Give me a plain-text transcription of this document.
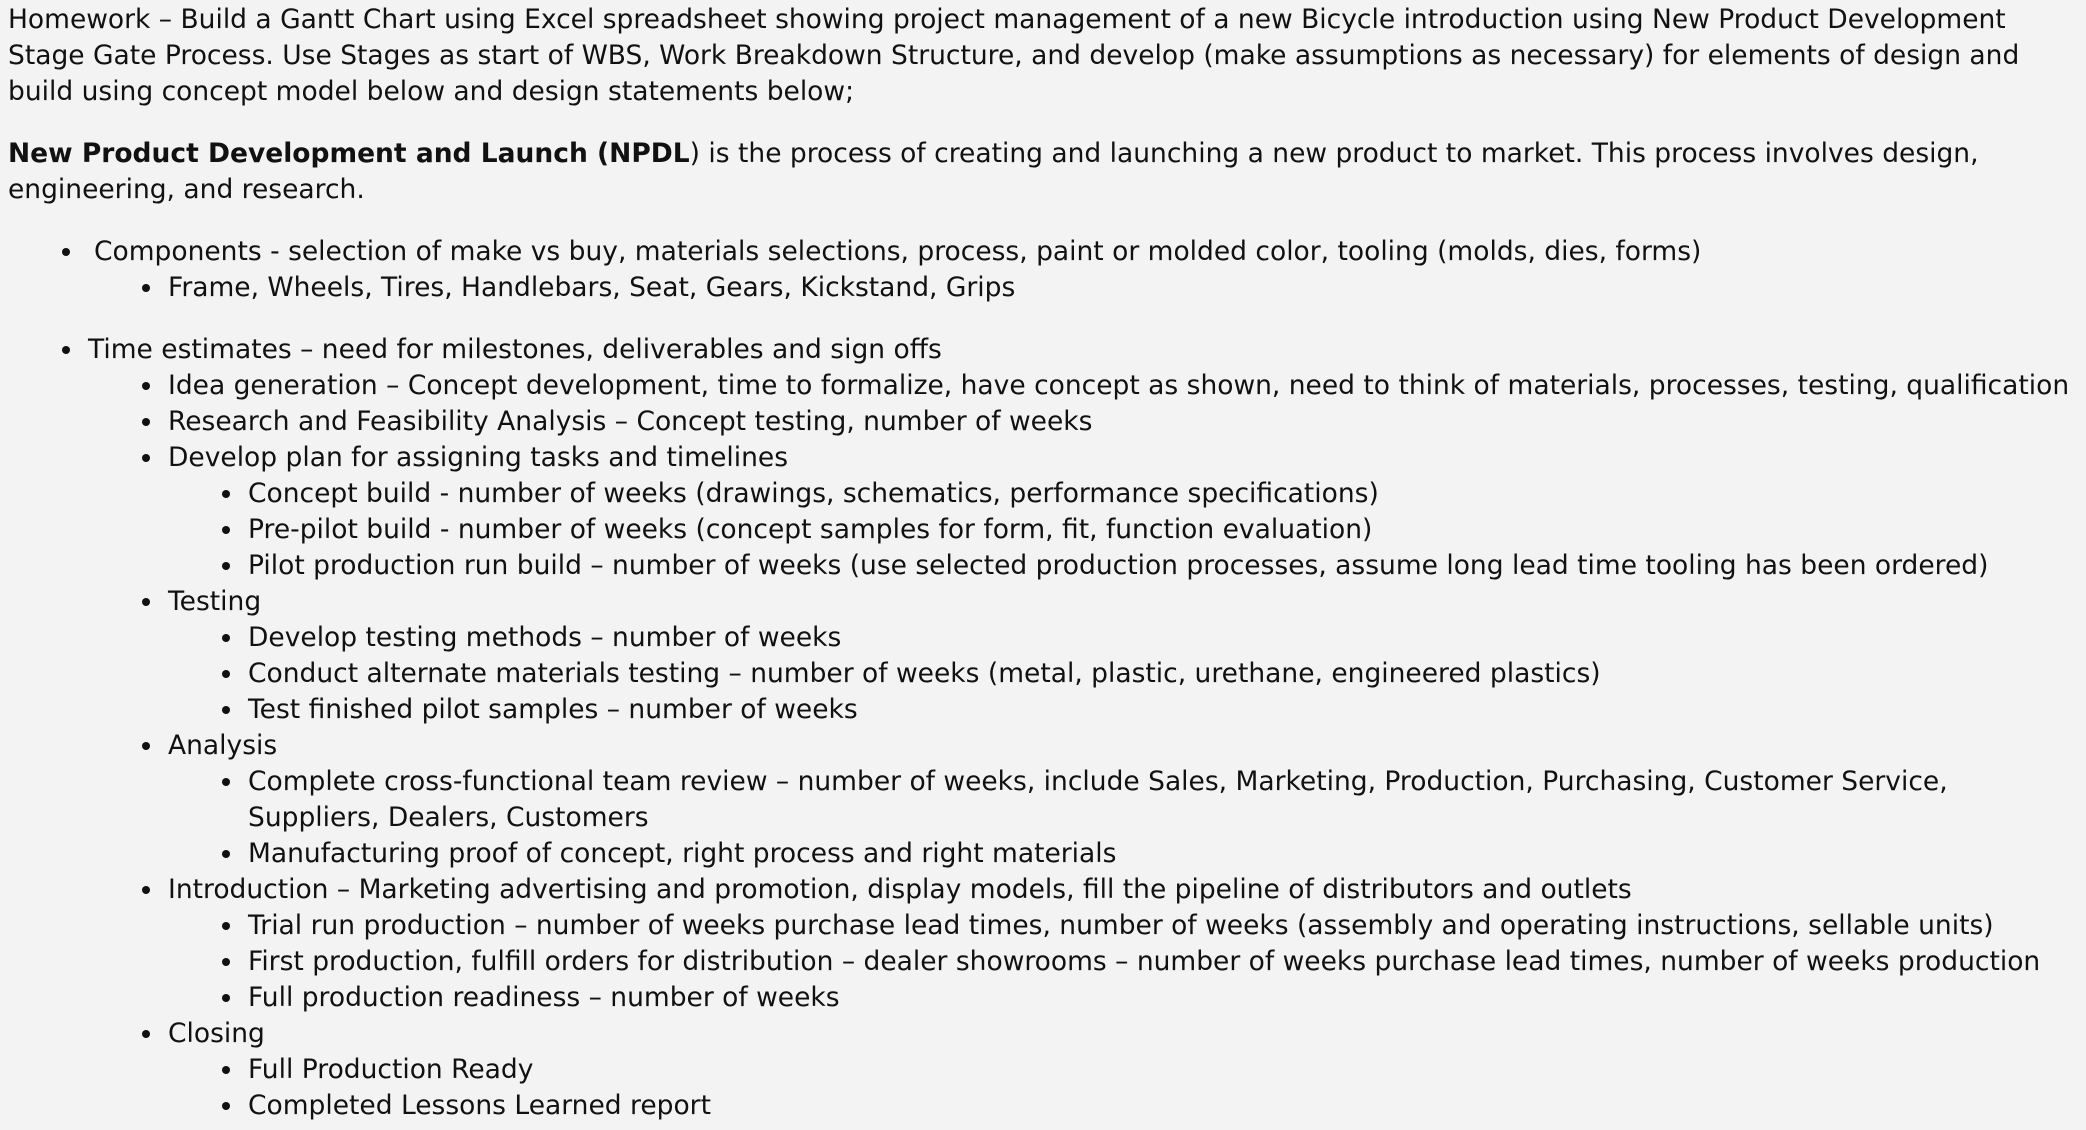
Homework – Build a Gantt Chart using Excel spreadsheet showing project management of a new Bicycle introduction using New Product Development Stage Gate Process. Use Stages as start of WBS, Work Breakdown Structure, and develop (make assumptions as necessary) for elements of design and build using concept model below and design statements below;

New Product Development and Launch (NPDL) is the process of creating and launching a new product to market. This process involves design, engineering, and research.

Components - selection of make vs buy, materials selections, process, paint or molded color, tooling (molds, dies, forms)
Frame, Wheels, Tires, Handlebars, Seat, Gears, Kickstand, Grips
Time estimates – need for milestones, deliverables and sign offs
Idea generation – Concept development, time to formalize, have concept as shown, need to think of materials, processes, testing, qualification
Research and Feasibility Analysis – Concept testing, number of weeks
Develop plan for assigning tasks and timelines
Concept build - number of weeks (drawings, schematics, performance specifications)
Pre-pilot build - number of weeks (concept samples for form, fit, function evaluation)
Pilot production run build – number of weeks (use selected production processes, assume long lead time tooling has been ordered)
Testing
Develop testing methods – number of weeks
Conduct alternate materials testing – number of weeks (metal, plastic, urethane, engineered plastics)
Test finished pilot samples – number of weeks
Analysis
Complete cross-functional team review – number of weeks, include Sales, Marketing, Production, Purchasing, Customer Service, Suppliers, Dealers, Customers
Manufacturing proof of concept, right process and right materials
Introduction – Marketing advertising and promotion, display models, fill the pipeline of distributors and outlets
Trial run production – number of weeks purchase lead times, number of weeks (assembly and operating instructions, sellable units)
First production, fulfill orders for distribution – dealer showrooms – number of weeks purchase lead times, number of weeks production
Full production readiness – number of weeks
Closing
Full Production Ready
Completed Lessons Learned report
